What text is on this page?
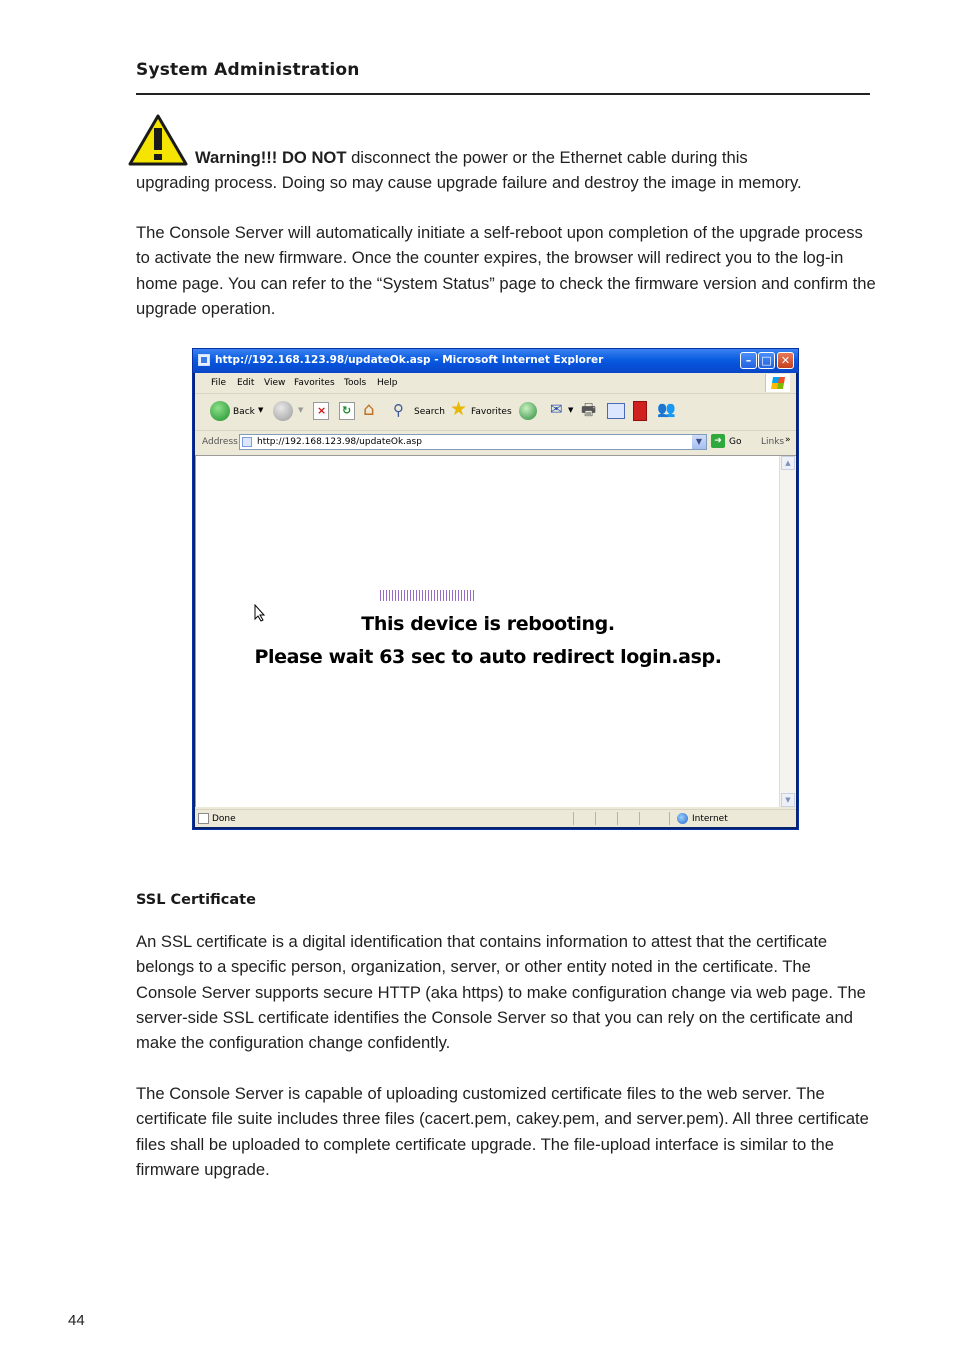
System Administration

Warning!!! DO NOT disconnect the power or the Ethernet cable during this
upgrading process. Doing so may cause upgrade failure and destroy the image in memory.

The Console Server will automatically initiate a self-reboot upon completion of the upgrade process to activate the new firmware. Once the counter expires, the browser will redirect you to the log-in home page. You can refer to the “System Status” page to check the firmware version and confirm the upgrade operation.

http://192.168.123.98/updateOk.asp - Microsoft Internet Explorer	– □ ✕
File Edit View Favorites Tools Help
Back ▼	▼ × ↻ ⌂ ⚲ Search ★ Favorites	✉ ▼ 🖶	👥
Address http://192.168.123.98/updateOk.asp	▼	➜ Go Links »
This device is rebooting.
Please wait 63 sec to auto redirect login.asp.
▲
▼
Done	Internet
SSL Certificate

An SSL certificate is a digital identification that contains information to attest that the certificate belongs to a specific person, organization, server, or other entity noted in the certificate. The Console Server supports secure HTTP (aka https) to make configuration change via web page. The server-side SSL certificate identifies the Console Server so that you can rely on the certificate and make the configuration change confidently.

The Console Server is capable of uploading customized certificate files to the web server. The certificate file suite includes three files (cacert.pem, cakey.pem, and server.pem). All three certificate files shall be uploaded to complete certificate upgrade. The file-upload interface is similar to the firmware upgrade.

44
